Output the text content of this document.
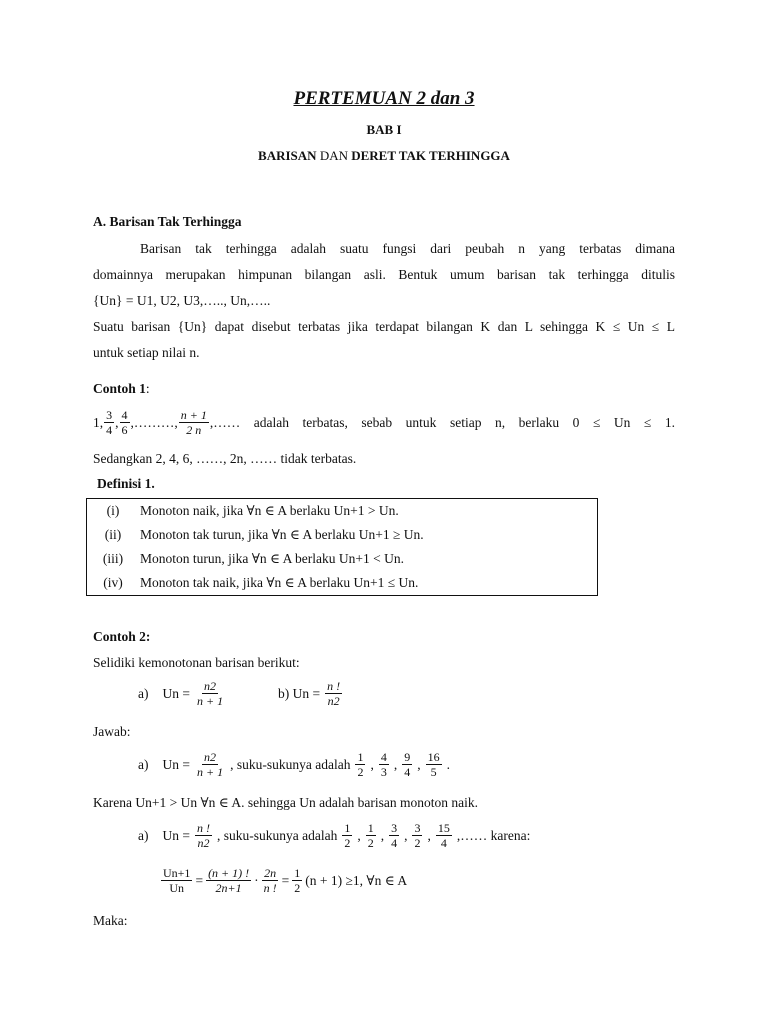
PERTEMUAN 2 dan 3
BAB I
BARISAN DAN DERET TAK TERHINGGA
A. Barisan Tak Terhingga
Barisan tak terhingga adalah suatu fungsi dari peubah n yang terbatas dimana
domainnya merupakan himpunan bilangan asli. Bentuk umum barisan tak terhingga ditulis
{Un} = U1, U2, U3,….., Un,…..
Suatu barisan {Un} dapat disebut terbatas jika terdapat bilangan K dan L sehingga K ≤ Un ≤ L
untuk setiap nilai n.
Contoh 1:
1, $\frac{3}{4}$ , $\frac{4}{6}$ ,………, $\frac{n + 1}{2 n}$ ,…… adalah terbatas, sebab untuk setiap n, berlaku 0 ≤ Un ≤ 1.
Sedangkan 2, 4, 6, ……, 2n, …… tidak terbatas.
Definisi 1.
(i)	Monoton naik, jika ∀n ∈ A berlaku Un+1 > Un.
(ii)	Monoton tak turun, jika ∀n ∈ A berlaku Un+1 ≥ Un.
(iii)	Monoton turun, jika ∀n ∈ A berlaku Un+1 < Un.
(iv)	Monoton tak naik, jika ∀n ∈ A berlaku Un+1 ≤ Un.
Contoh 2:
Selidiki kemonotonan barisan berikut:
a) $Un = \frac{n2}{n + 1}$	b) $Un = \frac{n !}{n2}$
Jawab:
a) $Un = \frac{n2}{n + 1}$ , suku-sukunya adalah $\frac{1}{2}$ , $\frac{4}{3}$ , $\frac{9}{4}$ , $\frac{16}{5}$ .
Karena Un+1 > Un ∀n ∈ A. sehingga Un adalah barisan monoton naik.
a) $Un = \frac{n !}{n2}$ , suku-sukunya adalah $\frac{1}{2}$ , $\frac{1}{2}$ , $\frac{3}{4}$ , $\frac{3}{2}$ , $\frac{15}{4}$ ,…… karena:
$\frac{Un+1}{Un} = \frac{(n + 1) !}{2n+1} \cdot \frac{2n}{n !} = \frac{1}{2} (n + 1) \ge 1$, ∀n ∈ A
Maka:
